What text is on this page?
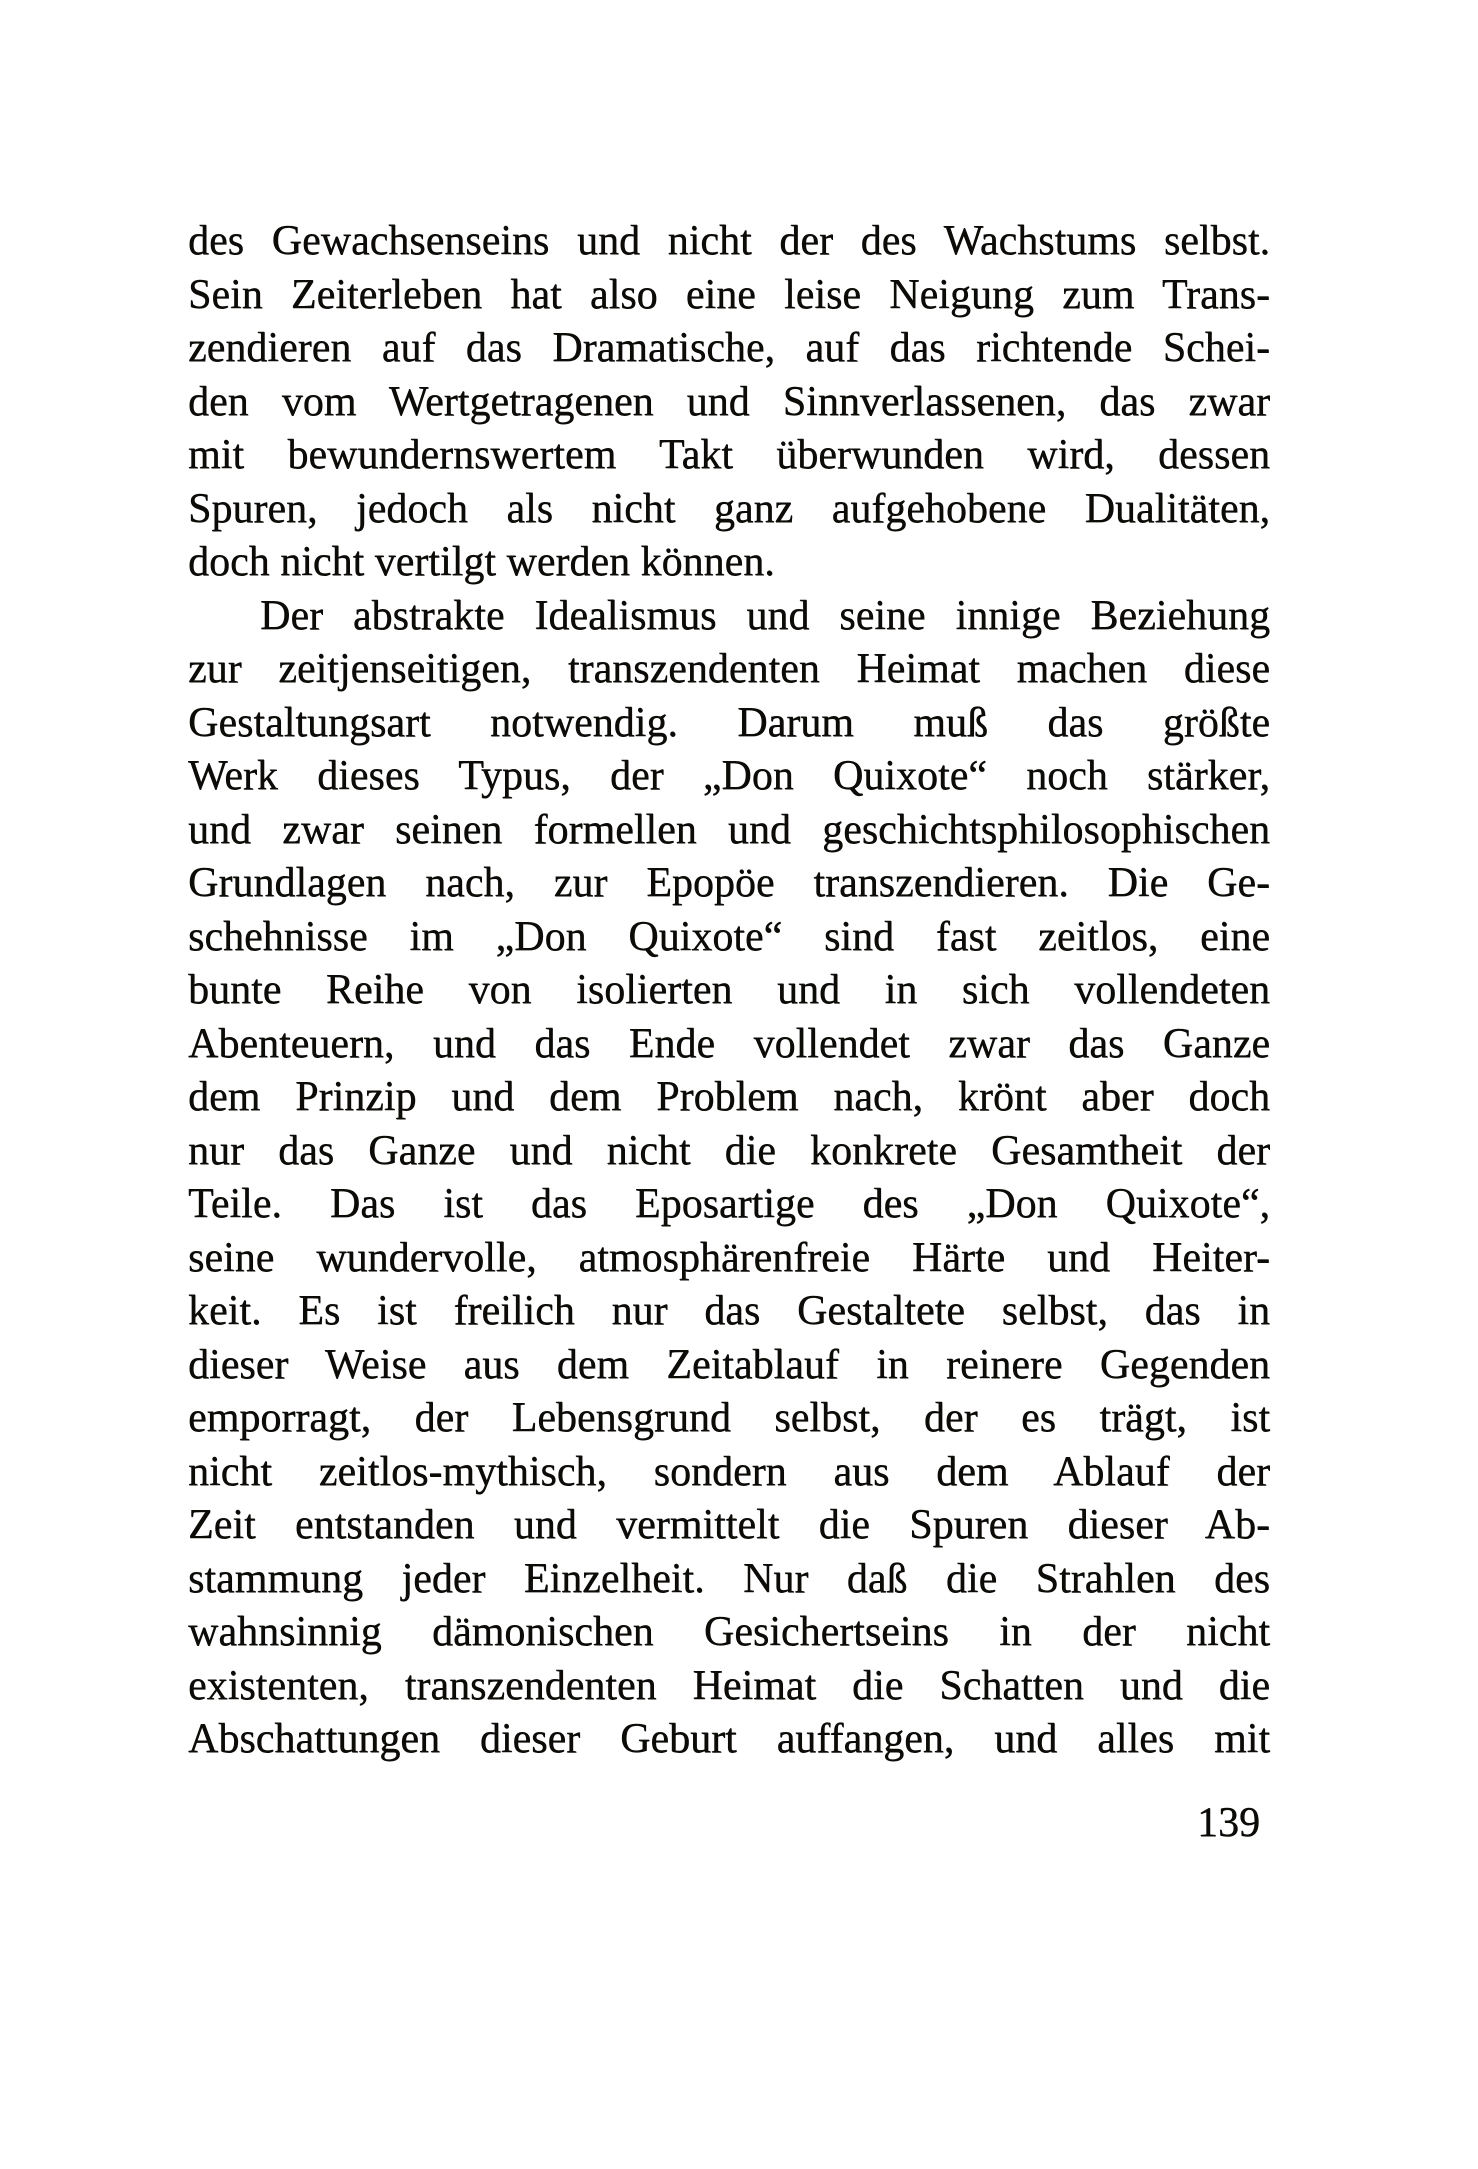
des Gewachsenseins und nicht der des Wachstums selbst.
Sein Zeiterleben hat also eine leise Neigung zum Trans-
zendieren auf das Dramatische, auf das richtende Schei-
den vom Wertgetragenen und Sinnverlassenen, das zwar
mit bewundernswertem Takt überwunden wird, dessen
Spuren, jedoch als nicht ganz aufgehobene Dualitäten,
doch nicht vertilgt werden können.
Der abstrakte Idealismus und seine innige Beziehung
zur zeitjenseitigen, transzendenten Heimat machen diese
Gestaltungsart notwendig. Darum muß das größte
Werk dieses Typus, der „Don Quixote“ noch stärker,
und zwar seinen formellen und geschichtsphilosophischen
Grundlagen nach, zur Epopöe transzendieren. Die Ge-
schehnisse im „Don Quixote“ sind fast zeitlos, eine
bunte Reihe von isolierten und in sich vollendeten
Abenteuern, und das Ende vollendet zwar das Ganze
dem Prinzip und dem Problem nach, krönt aber doch
nur das Ganze und nicht die konkrete Gesamtheit der
Teile. Das ist das Eposartige des „Don Quixote“,
seine wundervolle, atmosphärenfreie Härte und Heiter-
keit. Es ist freilich nur das Gestaltete selbst, das in
dieser Weise aus dem Zeitablauf in reinere Gegenden
emporragt, der Lebensgrund selbst, der es trägt, ist
nicht zeitlos-mythisch, sondern aus dem Ablauf der
Zeit entstanden und vermittelt die Spuren dieser Ab-
stammung jeder Einzelheit. Nur daß die Strahlen des
wahnsinnig dämonischen Gesichertseins in der nicht
existenten, transzendenten Heimat die Schatten und die
Abschattungen dieser Geburt auffangen, und alles mit
139
